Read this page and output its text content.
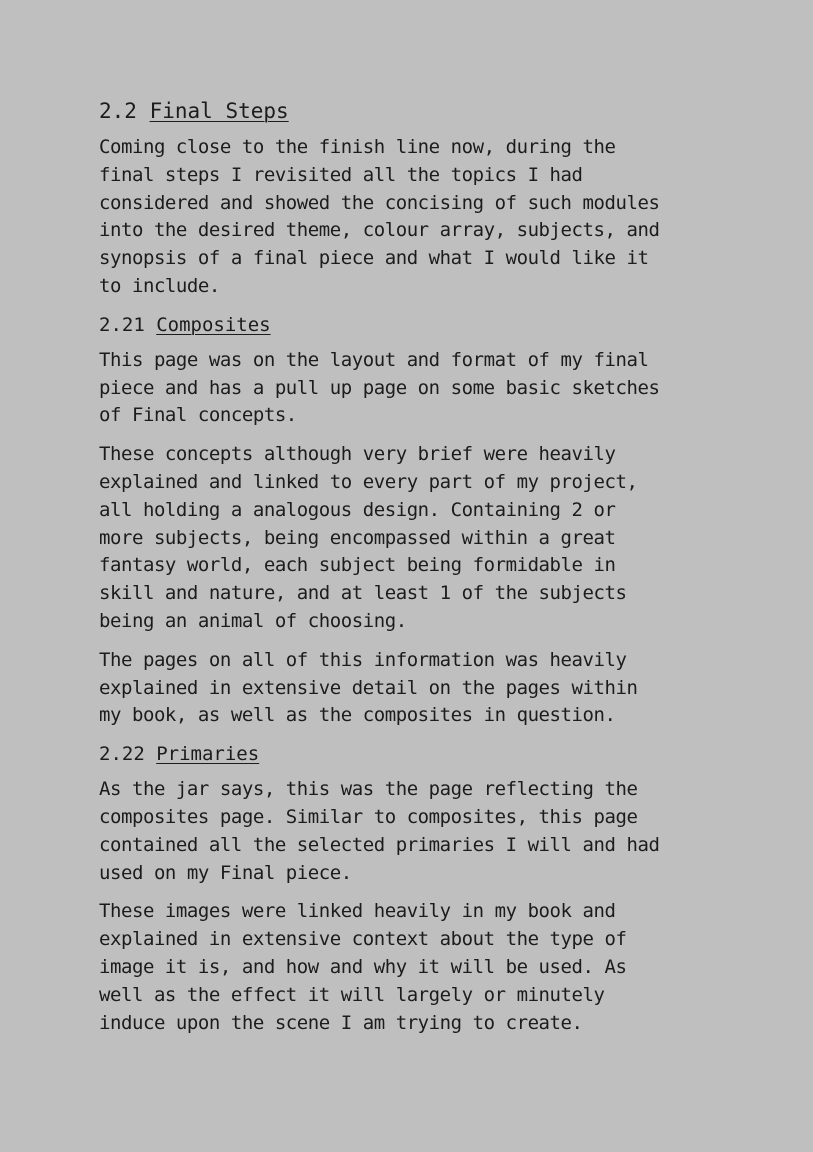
2.2 Final Steps

Coming close to the finish line now, during the
final steps I revisited all the topics I had
considered and showed the concising of such modules
into the desired theme, colour array, subjects, and
synopsis of a final piece and what I would like it
to include.

2.21 Composites

This page was on the layout and format of my final
piece and has a pull up page on some basic sketches
of Final concepts.

These concepts although very brief were heavily
explained and linked to every part of my project,
all holding a analogous design. Containing 2 or
more subjects, being encompassed within a great
fantasy world, each subject being formidable in
skill and nature, and at least 1 of the subjects
being an animal of choosing.

The pages on all of this information was heavily
explained in extensive detail on the pages within
my book, as well as the composites in question.

2.22 Primaries

As the jar says, this was the page reflecting the
composites page. Similar to composites, this page
contained all the selected primaries I will and had
used on my Final piece.

These images were linked heavily in my book and
explained in extensive context about the type of
image it is, and how and why it will be used. As
well as the effect it will largely or minutely
induce upon the scene I am trying to create.
